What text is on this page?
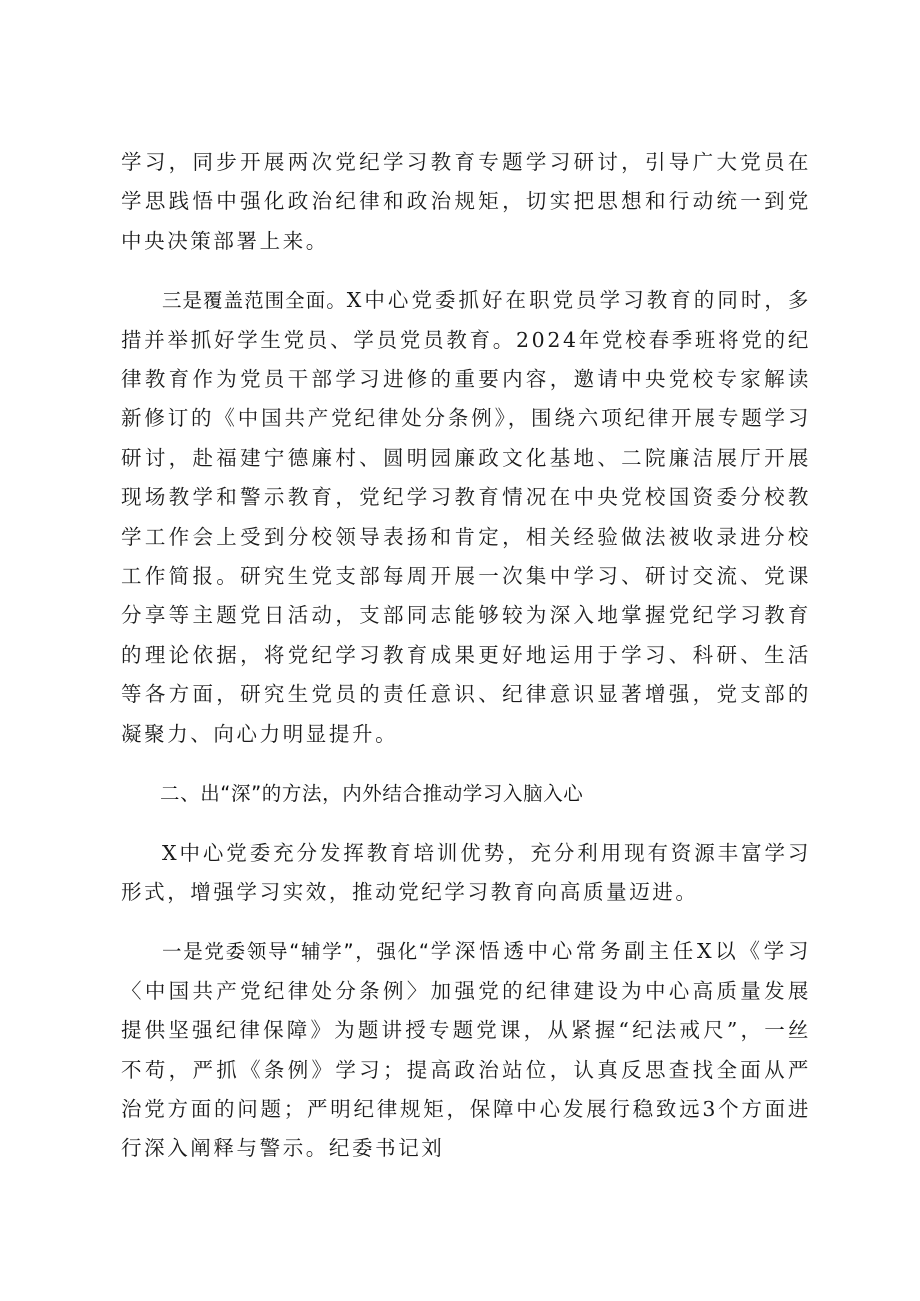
学习，同步开展两次党纪学习教育专题学习研讨，引导广大党员在学思践悟中强化政治纪律和政治规矩，切实把思想和行动统一到党中央决策部署上来。

三是覆盖范围全面。X中心党委抓好在职党员学习教育的同时，多措并举抓好学生党员、学员党员教育。2024年党校春季班将党的纪律教育作为党员干部学习进修的重要内容，邀请中央党校专家解读新修订的《中国共产党纪律处分条例》，围绕六项纪律开展专题学习研讨，赴福建宁德廉村、圆明园廉政文化基地、二院廉洁展厅开展现场教学和警示教育，党纪学习教育情况在中央党校国资委分校教学工作会上受到分校领导表扬和肯定，相关经验做法被收录进分校工作简报。研究生党支部每周开展一次集中学习、研讨交流、党课分享等主题党日活动，支部同志能够较为深入地掌握党纪学习教育的理论依据，将党纪学习教育成果更好地运用于学习、科研、生活等各方面，研究生党员的责任意识、纪律意识显著增强，党支部的凝聚力、向心力明显提升。

二、出“深”的方法，内外结合推动学习入脑入心

X中心党委充分发挥教育培训优势，充分利用现有资源丰富学习形式，增强学习实效，推动党纪学习教育向高质量迈进。

一是党委领导“辅学”，强化“学深悟透中心常务副主任X以《学习〈中国共产党纪律处分条例〉加强党的纪律建设为中心高质量发展提供坚强纪律保障》为题讲授专题党课，从紧握“纪法戒尺”，一丝不苟，严抓《条例》学习；提高政治站位，认真反思查找全面从严治党方面的问题；严明纪律规矩，保障中心发展行稳致远3个方面进行深入阐释与警示。纪委书记刘
